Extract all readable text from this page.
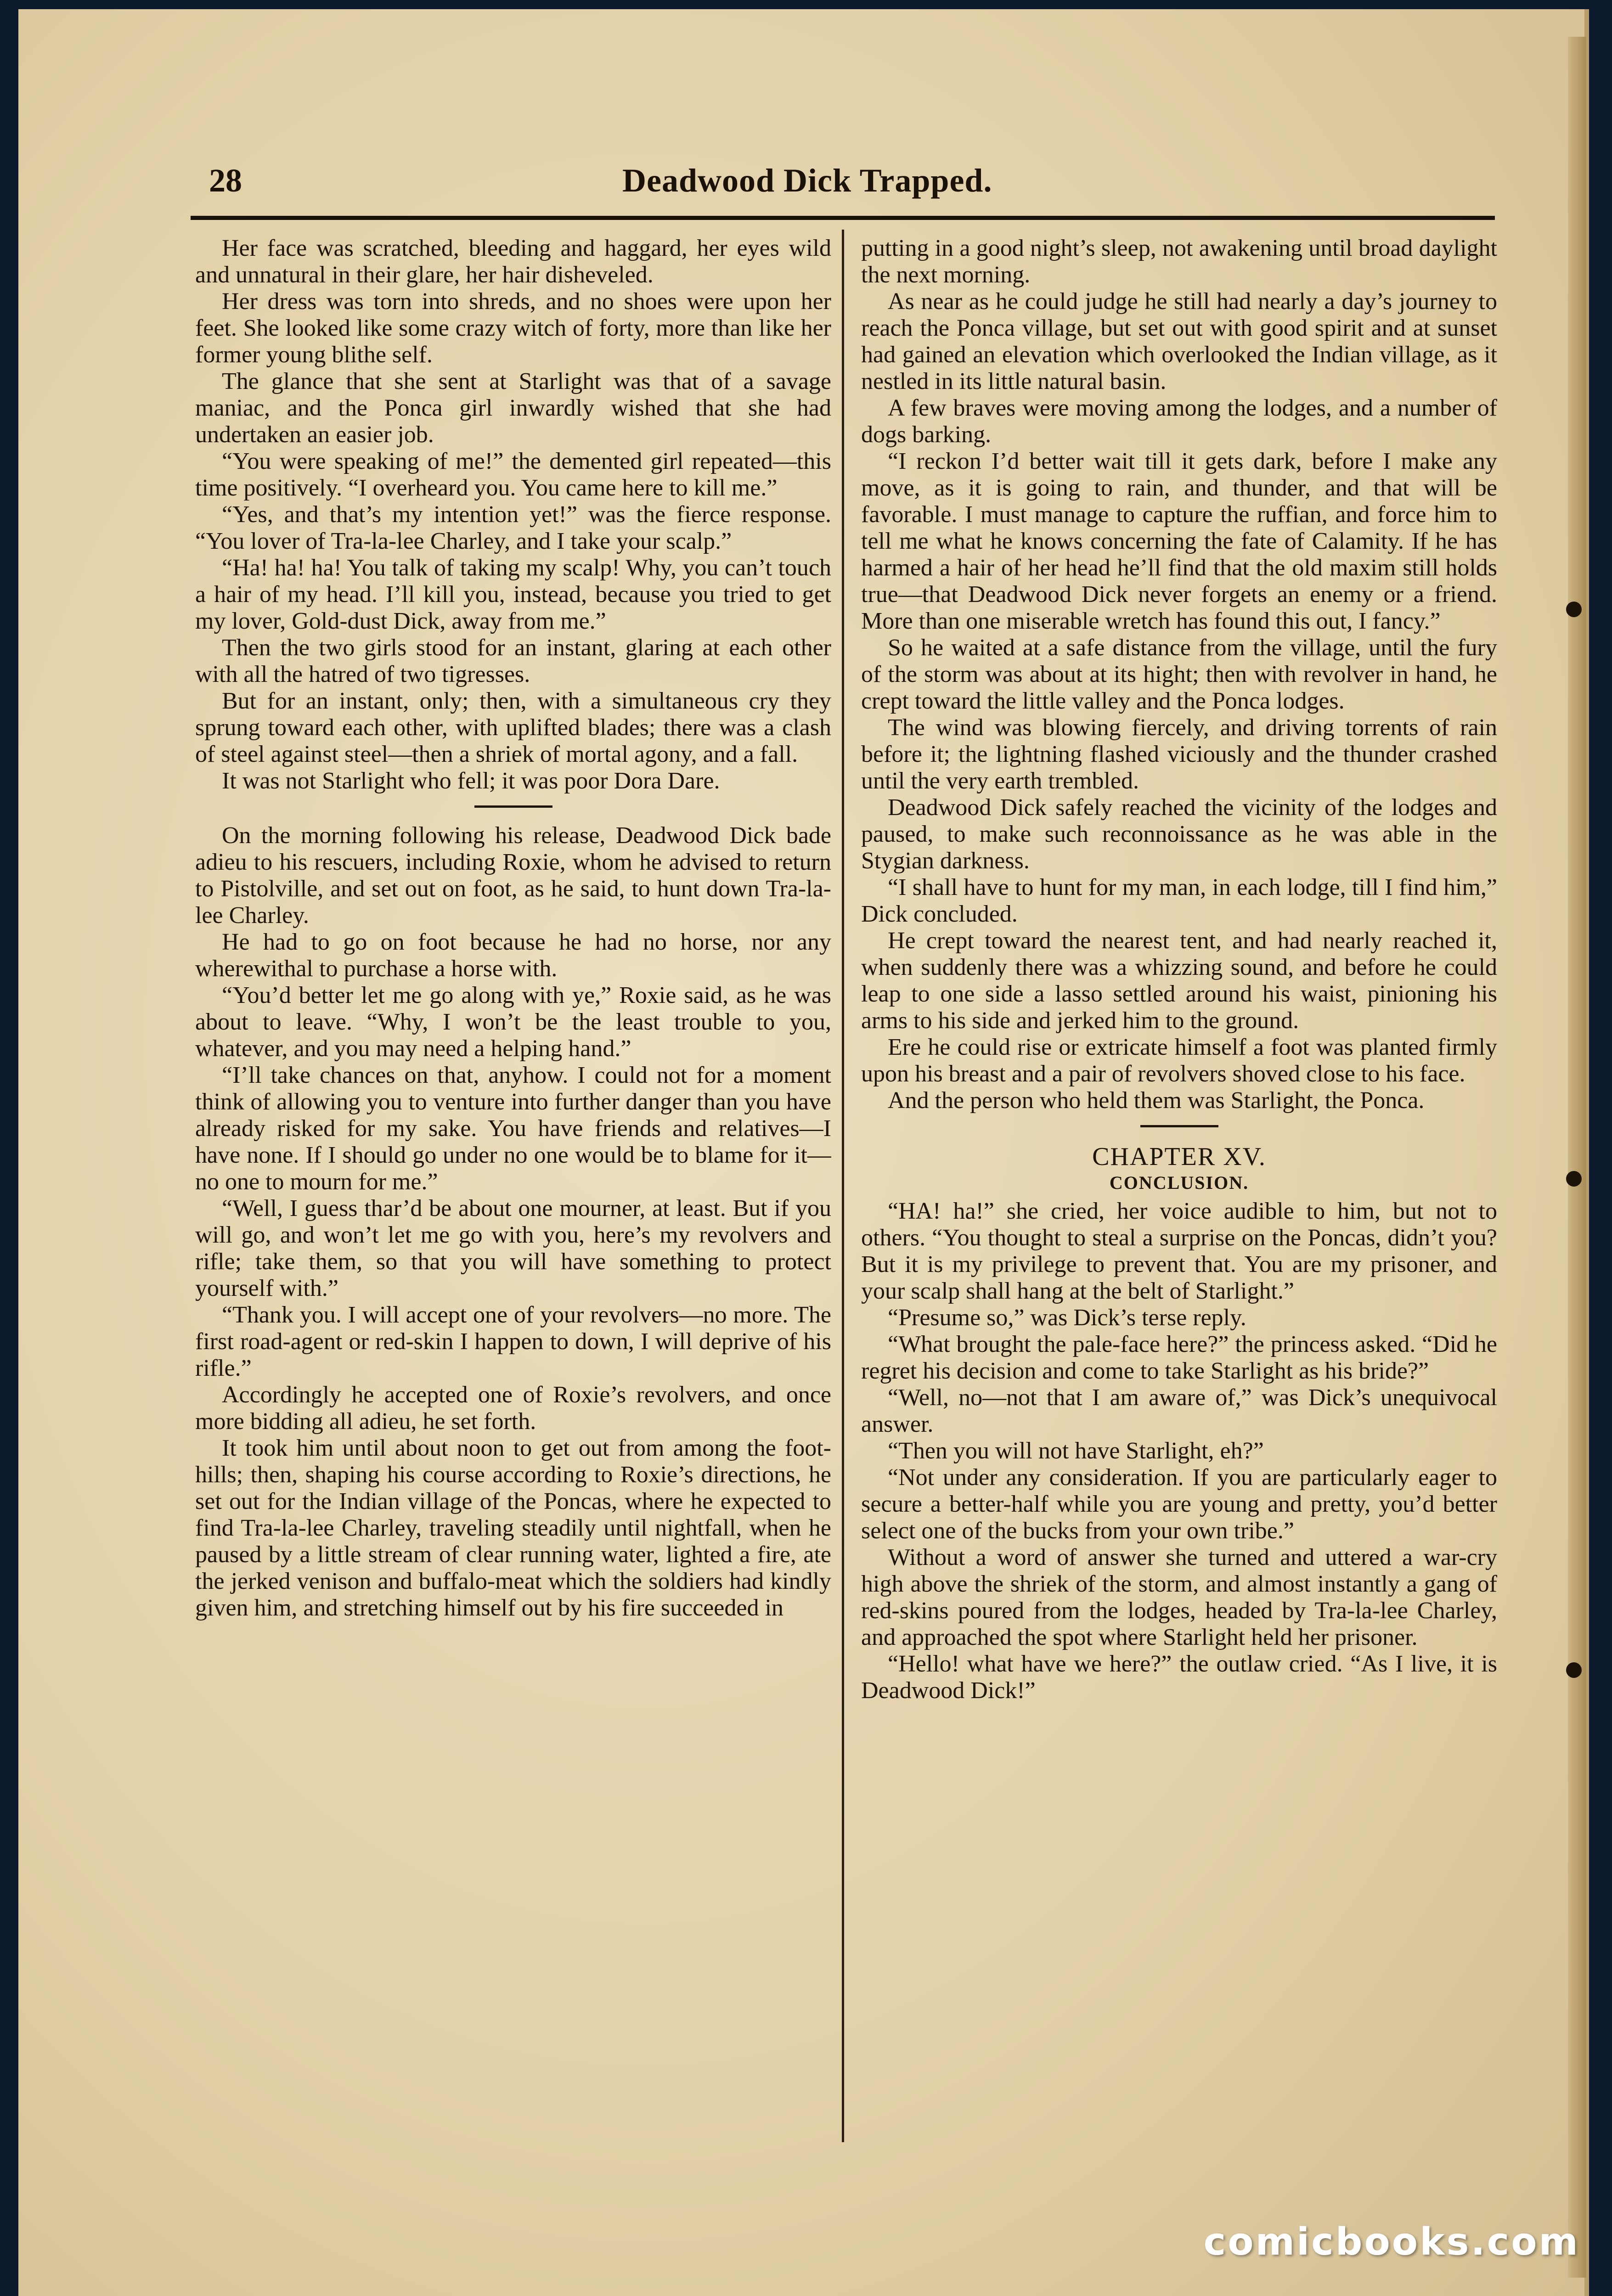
28	Deadwood Dick Trapped.

Her face was scratched, bleeding and haggard, her eyes wild and unnatural in their glare, her hair disheveled.

Her dress was torn into shreds, and no shoes were upon her feet. She looked like some crazy witch of forty, more than like her former young blithe self.

The glance that she sent at Starlight was that of a savage maniac, and the Ponca girl inwardly wished that she had undertaken an easier job.

“You were speaking of me!” the demented girl repeated—this time positively. “I overheard you. You came here to kill me.”

“Yes, and that’s my intention yet!” was the fierce response. “You lover of Tra-la-lee Charley, and I take your scalp.”

“Ha! ha! ha! You talk of taking my scalp! Why, you can’t touch a hair of my head. I’ll kill you, instead, because you tried to get my lover, Gold-dust Dick, away from me.”

Then the two girls stood for an instant, glaring at each other with all the hatred of two tigresses.

But for an instant, only; then, with a simultaneous cry they sprung toward each other, with uplifted blades; there was a clash of steel against steel—then a shriek of mortal agony, and a fall.

It was not Starlight who fell; it was poor Dora Dare.

On the morning following his release, Deadwood Dick bade adieu to his rescuers, including Roxie, whom he advised to return to Pistolville, and set out on foot, as he said, to hunt down Tra-la-lee Charley.

He had to go on foot because he had no horse, nor any wherewithal to purchase a horse with.

“You’d better let me go along with ye,” Roxie said, as he was about to leave. “Why, I won’t be the least trouble to you, whatever, and you may need a helping hand.”

“I’ll take chances on that, anyhow. I could not for a moment think of allowing you to venture into further danger than you have already risked for my sake. You have friends and relatives—I have none. If I should go under no one would be to blame for it—no one to mourn for me.”

“Well, I guess thar’d be about one mourner, at least. But if you will go, and won’t let me go with you, here’s my revolvers and rifle; take them, so that you will have something to protect yourself with.”

“Thank you. I will accept one of your revolvers—no more. The first road-agent or red-skin I happen to down, I will deprive of his rifle.”

Accordingly he accepted one of Roxie’s revolvers, and once more bidding all adieu, he set forth.

It took him until about noon to get out from among the foot-hills; then, shaping his course according to Roxie’s directions, he set out for the Indian village of the Poncas, where he expected to find Tra-la-lee Charley, traveling steadily until nightfall, when he paused by a little stream of clear running water, lighted a fire, ate the jerked venison and buffalo-meat which the soldiers had kindly given him, and stretching himself out by his fire succeeded in

putting in a good night’s sleep, not awakening until broad daylight the next morning.

As near as he could judge he still had nearly a day’s journey to reach the Ponca village, but set out with good spirit and at sunset had gained an elevation which overlooked the Indian village, as it nestled in its little natural basin.

A few braves were moving among the lodges, and a number of dogs barking.

“I reckon I’d better wait till it gets dark, before I make any move, as it is going to rain, and thunder, and that will be favorable. I must manage to capture the ruffian, and force him to tell me what he knows concerning the fate of Calamity. If he has harmed a hair of her head he’ll find that the old maxim still holds true—that Deadwood Dick never forgets an enemy or a friend. More than one miserable wretch has found this out, I fancy.”

So he waited at a safe distance from the village, until the fury of the storm was about at its hight; then with revolver in hand, he crept toward the little valley and the Ponca lodges.

The wind was blowing fiercely, and driving torrents of rain before it; the lightning flashed viciously and the thunder crashed until the very earth trembled.

Deadwood Dick safely reached the vicinity of the lodges and paused, to make such reconnoissance as he was able in the Stygian darkness.

“I shall have to hunt for my man, in each lodge, till I find him,” Dick concluded.

He crept toward the nearest tent, and had nearly reached it, when suddenly there was a whizzing sound, and before he could leap to one side a lasso settled around his waist, pinioning his arms to his side and jerked him to the ground.

Ere he could rise or extricate himself a foot was planted firmly upon his breast and a pair of revolvers shoved close to his face.

And the person who held them was Starlight, the Ponca.

CHAPTER XV.
CONCLUSION.

“HA! ha!” she cried, her voice audible to him, but not to others. “You thought to steal a surprise on the Poncas, didn’t you? But it is my privilege to prevent that. You are my prisoner, and your scalp shall hang at the belt of Starlight.”

“Presume so,” was Dick’s terse reply.

“What brought the pale-face here?” the princess asked. “Did he regret his decision and come to take Starlight as his bride?”

“Well, no—not that I am aware of,” was Dick’s unequivocal answer.

“Then you will not have Starlight, eh?”

“Not under any consideration. If you are particularly eager to secure a better-half while you are young and pretty, you’d better select one of the bucks from your own tribe.”

Without a word of answer she turned and uttered a war-cry high above the shriek of the storm, and almost instantly a gang of red-skins poured from the lodges, headed by Tra-la-lee Charley, and approached the spot where Starlight held her prisoner.

“Hello! what have we here?” the outlaw cried. “As I live, it is Deadwood Dick!”

comicbooks.com
